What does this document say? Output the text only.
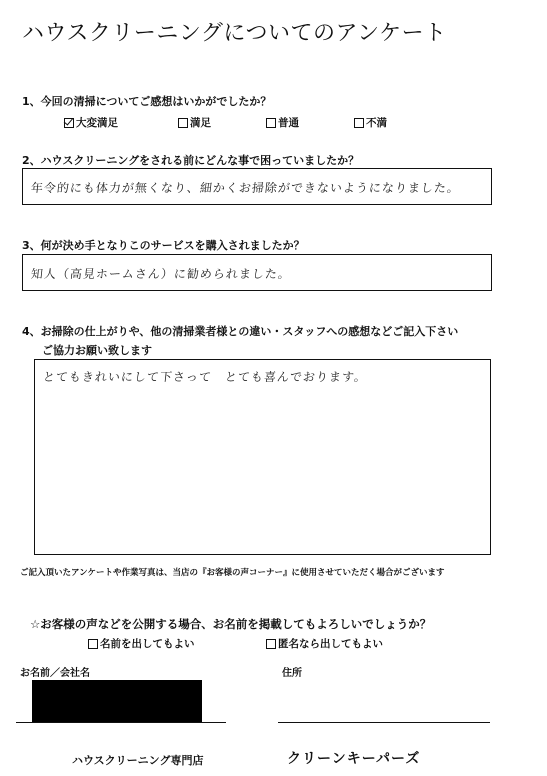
ハウスクリーニングについてのアンケート
1、今回の清掃についてご感想はいかがでしたか？
大変満足	満足	普通	不満
2、ハウスクリーニングをされる前にどんな事で困っていましたか？
年令的にも体力が無くなり、細かくお掃除ができないようになりました。
3、何が決め手となりこのサービスを購入されましたか？
知人（高見ホームさん）に勧められました。
4、お掃除の仕上がりや、他の清掃業者様との違い・スタッフへの感想などご記入下さい
ご協力お願い致します
とてもきれいにして下さって　とても喜んでおります。
ご記入頂いたアンケートや作業写真は、当店の『お客様の声コーナー』に使用させていただく場合がございます
☆お客様の声などを公開する場合、お名前を掲載してもよろしいでしょうか？
名前を出してもよい	匿名なら出してもよい
お名前／会社名	住所
ハウスクリーニング専門店	クリーンキーパーズ
